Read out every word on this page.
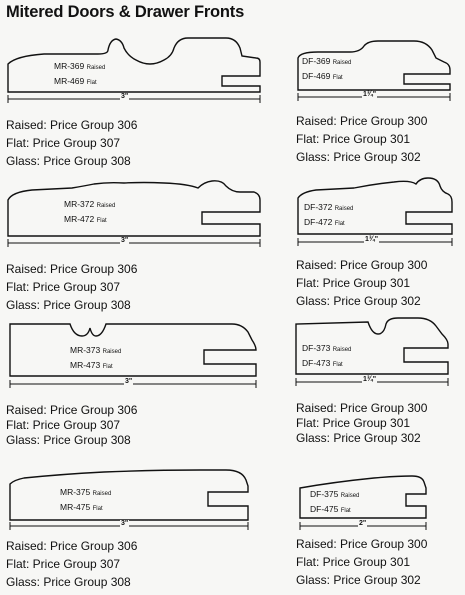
Mitered Doors & Drawer Fronts
MR-369 Raised
MR-469 Flat
3"
Raised: Price Group 306
Flat: Price Group 307
Glass: Price Group 308
DF-369 Raised
DF-469 Flat
1¾"
Raised: Price Group 300
Flat: Price Group 301
Glass: Price Group 302
MR-372 Raised
MR-472 Flat
3"
Raised: Price Group 306
Flat: Price Group 307
Glass: Price Group 308
DF-372 Raised
DF-472 Flat
1¾"
Raised: Price Group 300
Flat: Price Group 301
Glass: Price Group 302
MR-373 Raised
MR-473 Flat
3"
Raised: Price Group 306
Flat: Price Group 307
Glass: Price Group 308
DF-373 Raised
DF-473 Flat
1¾"
Raised: Price Group 300
Flat: Price Group 301
Glass: Price Group 302
MR-375 Raised
MR-475 Flat
3"
Raised: Price Group 306
Flat: Price Group 307
Glass: Price Group 308
DF-375 Raised
DF-475 Flat
2"
Raised: Price Group 300
Flat: Price Group 301
Glass: Price Group 302
